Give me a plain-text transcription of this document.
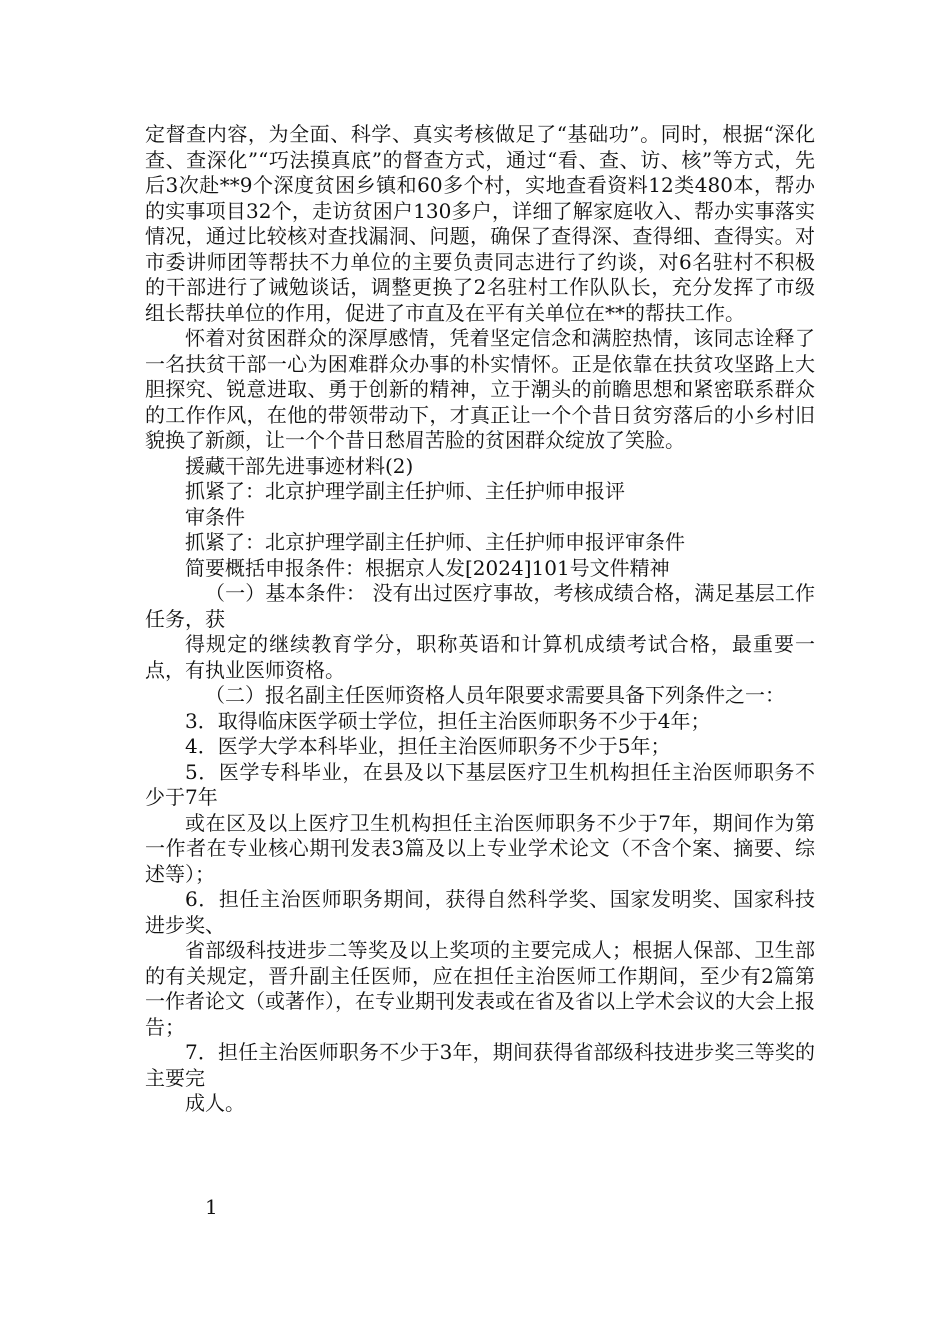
定督查内容，为全面、科学、真实考核做足了“基础功”。同时，根据“深化查、查深化”“巧法摸真底”的督查方式，通过“看、查、访、核”等方式，先后3次赴**9个深度贫困乡镇和60多个村，实地查看资料12类480本，帮办的实事项目32个，走访贫困户130多户，详细了解家庭收入、帮办实事落实情况，通过比较核对查找漏洞、问题，确保了查得深、查得细、查得实。对市委讲师团等帮扶不力单位的主要负责同志进行了约谈，对6名驻村不积极的干部进行了诫勉谈话，调整更换了2名驻村工作队队长，充分发挥了市级组长帮扶单位的作用，促进了市直及在平有关单位在**的帮扶工作。

怀着对贫困群众的深厚感情，凭着坚定信念和满腔热情，该同志诠释了一名扶贫干部一心为困难群众办事的朴实情怀。正是依靠在扶贫攻坚路上大胆探究、锐意进取、勇于创新的精神，立于潮头的前瞻思想和紧密联系群众的工作作风，在他的带领带动下，才真正让一个个昔日贫穷落后的小乡村旧貌换了新颜，让一个个昔日愁眉苦脸的贫困群众绽放了笑脸。

援藏干部先进事迹材料(2)

抓紧了：北京护理学副主任护师、主任护师申报评

审条件

抓紧了：北京护理学副主任护师、主任护师申报评审条件

简要概括申报条件：根据京人发[2024]101号文件精神

（一）基本条件： 没有出过医疗事故，考核成绩合格，满足基层工作任务，获

得规定的继续教育学分，职称英语和计算机成绩考试合格，最重要一点，有执业医师资格。

（二）报名副主任医师资格人员年限要求需要具备下列条件之一：

3．取得临床医学硕士学位，担任主治医师职务不少于4年；

4．医学大学本科毕业，担任主治医师职务不少于5年；

5．医学专科毕业，在县及以下基层医疗卫生机构担任主治医师职务不少于7年

或在区及以上医疗卫生机构担任主治医师职务不少于7年，期间作为第一作者在专业核心期刊发表3篇及以上专业学术论文（不含个案、摘要、综述等）；

6．担任主治医师职务期间，获得自然科学奖、国家发明奖、国家科技进步奖、

省部级科技进步二等奖及以上奖项的主要完成人；根据人保部、卫生部的有关规定，晋升副主任医师，应在担任主治医师工作期间，至少有2篇第一作者论文（或著作），在专业期刊发表或在省及省以上学术会议的大会上报告；

7．担任主治医师职务不少于3年，期间获得省部级科技进步奖三等奖的主要完

成人。

1
